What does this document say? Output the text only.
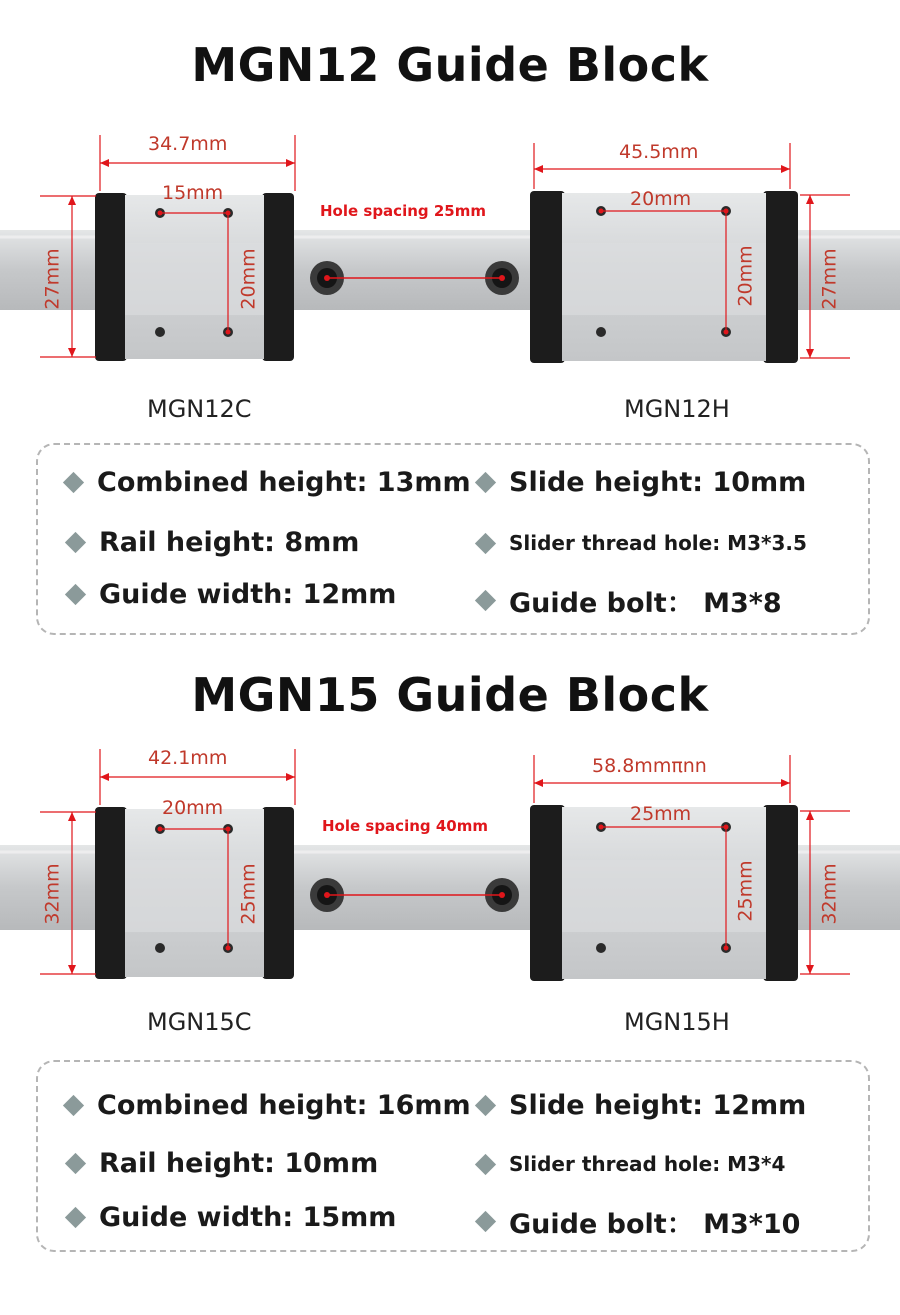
MGN12 Guide Block
34.7mm
15mm
20mm
27mm
Hole spacing 25mm
45.5mm
20mm
20mm	27mm
MGN12C	MGN12H
Combined height: 13mm
Rail height: 8mm
Guide width: 12mm
Slide height: 10mm
Slider thread hole: M3*3.5
Guide bolt： M3*8
MGN15 Guide Block
42.1mm
20mm
25mm
32mm
Hole spacing 40mm
58.8mmπnn
25mm
25mm	32mm
MGN15C	MGN15H
Combined height: 16mm
Rail height: 10mm
Guide width: 15mm
Slide height: 12mm
Slider thread hole: M3*4
Guide bolt： M3*10
